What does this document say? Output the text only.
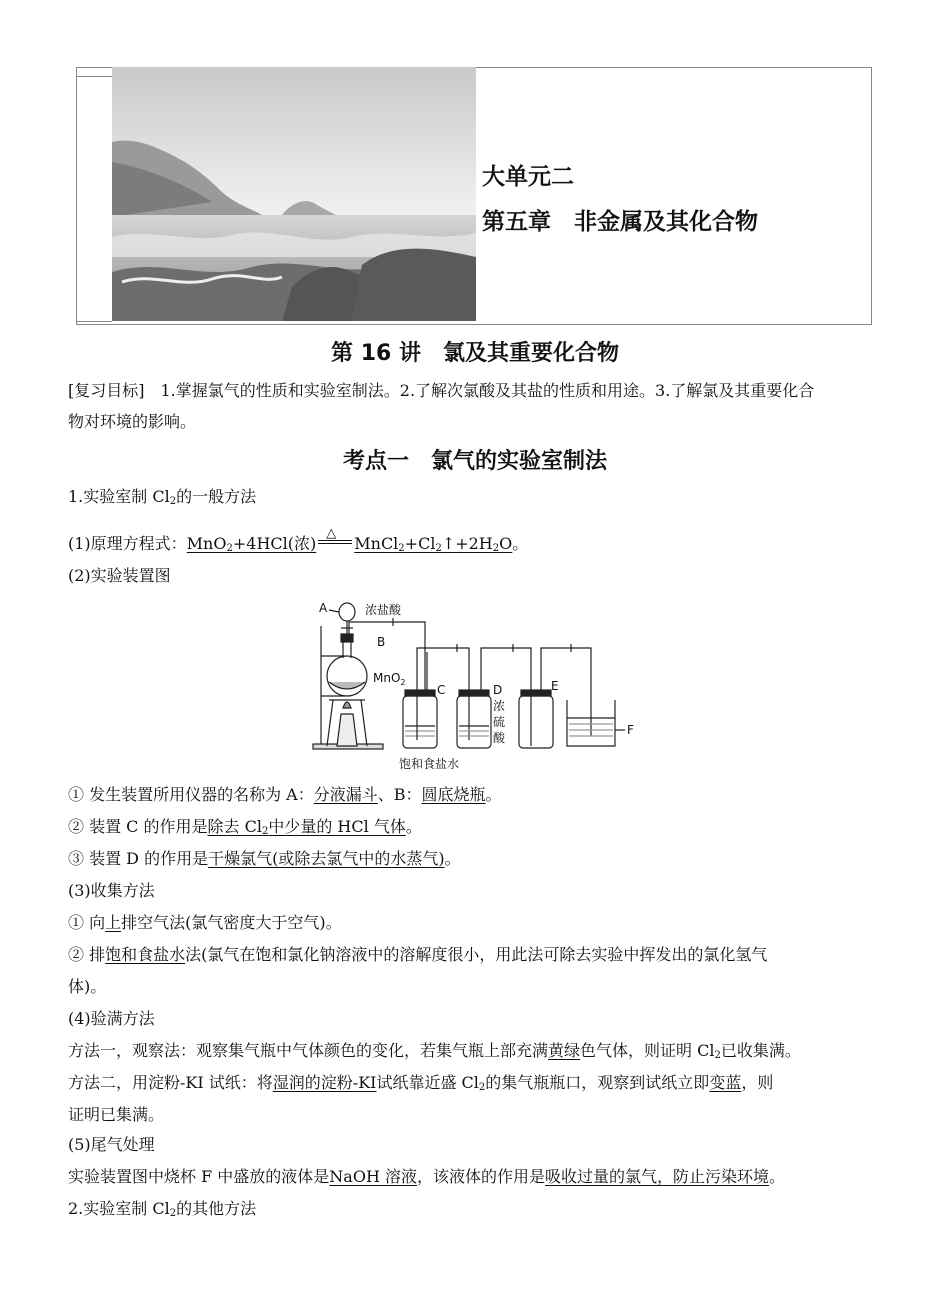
大单元二
第五章　非金属及其化合物
第 16 讲　氯及其重要化合物
[复习目标]　1.掌握氯气的性质和实验室制法。2.了解次氯酸及其盐的性质和用途。3.了解氯及其重要化合
物对环境的影响。
考点一　氯气的实验室制法
1.实验室制 $Cl_2$的一般方法
(1)原理方程式：MnO$_2$+4HCl(浓)
△
$MnCl_2+Cl_2↑+2H_2O$。
(2)实验装置图
A	浓盐酸
B
MnO$_2$
C	D
浓
硫
酸
E
F
饱和食盐水
① 发生装置所用仪器的名称为 A：分液漏斗、B：圆底烧瓶。
② 装置 C 的作用是除去 $Cl_2$中少量的 HCl 气体。
③ 装置 D 的作用是干燥氯气(或除去氯气中的水蒸气)。
(3)收集方法
① 向上排空气法(氯气密度大于空气)。
② 排饱和食盐水法(氯气在饱和氯化钠溶液中的溶解度很小，用此法可除去实验中挥发出的氯化氢气
体)。
(4)验满方法
方法一，观察法：观察集气瓶中气体颜色的变化，若集气瓶上部充满黄绿色气体，则证明 $Cl_2$已收集满。
方法二，用淀粉‐KI 试纸：将湿润的淀粉‐KI试纸靠近盛 $Cl_2$的集气瓶瓶口，观察到试纸立即变蓝，则
证明已集满。
(5)尾气处理
实验装置图中烧杯 F 中盛放的液体是NaOH 溶液，该液体的作用是吸收过量的氯气，防止污染环境。
2.实验室制 $Cl_2$的其他方法
